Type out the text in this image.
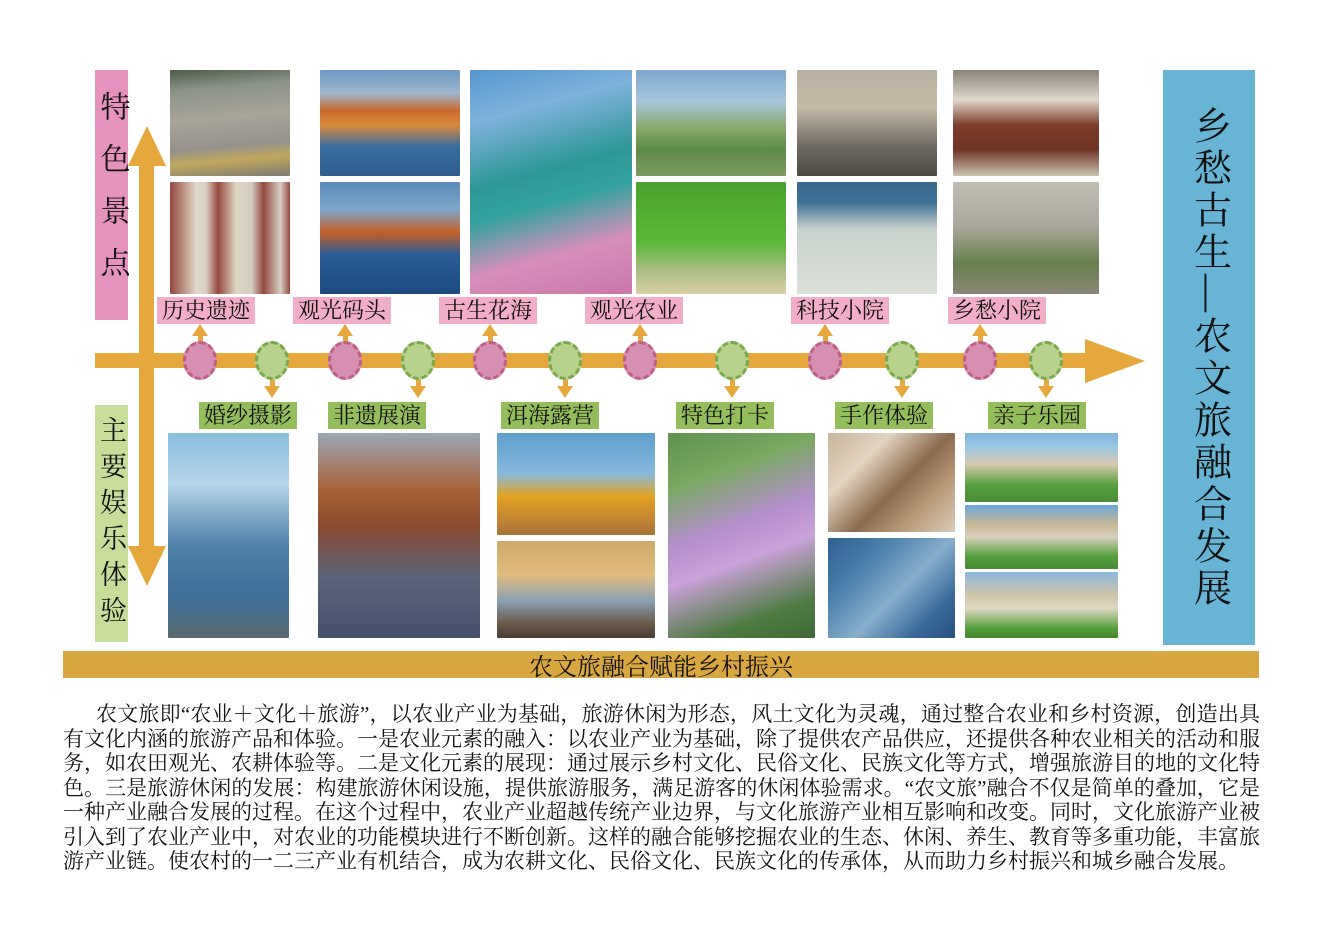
特色景点
主要娱乐体验	乡愁古生—农文旅融合发展
历史遗迹 观光码头	古生花海	观光农业	科技小院	乡愁小院
婚纱摄影 非遗展演	洱海露营	特色打卡	手作体验	亲子乐园
农文旅融合赋能乡村振兴

农文旅即“农业＋文化＋旅游”，以农业产业为基础，旅游休闲为形态，风土文化为灵魂，通过整合农业和乡村资源，创造出具有文化内涵的旅游产品和体验。一是农业元素的融入：以农业产业为基础，除了提供农产品供应，还提供各种农业相关的活动和服务，如农田观光、农耕体验等。二是文化元素的展现：通过展示乡村文化、民俗文化、民族文化等方式，增强旅游目的地的文化特色。三是旅游休闲的发展：构建旅游休闲设施，提供旅游服务，满足游客的休闲体验需求。“农文旅”融合不仅是简单的叠加，它是一种产业融合发展的过程。在这个过程中，农业产业超越传统产业边界，与文化旅游产业相互影响和改变。同时，文化旅游产业被引入到了农业产业中，对农业的功能模块进行不断创新。这样的融合能够挖掘农业的生态、休闲、养生、教育等多重功能，丰富旅游产业链。使农村的一二三产业有机结合，成为农耕文化、民俗文化、民族文化的传承体，从而助力乡村振兴和城乡融合发展。
